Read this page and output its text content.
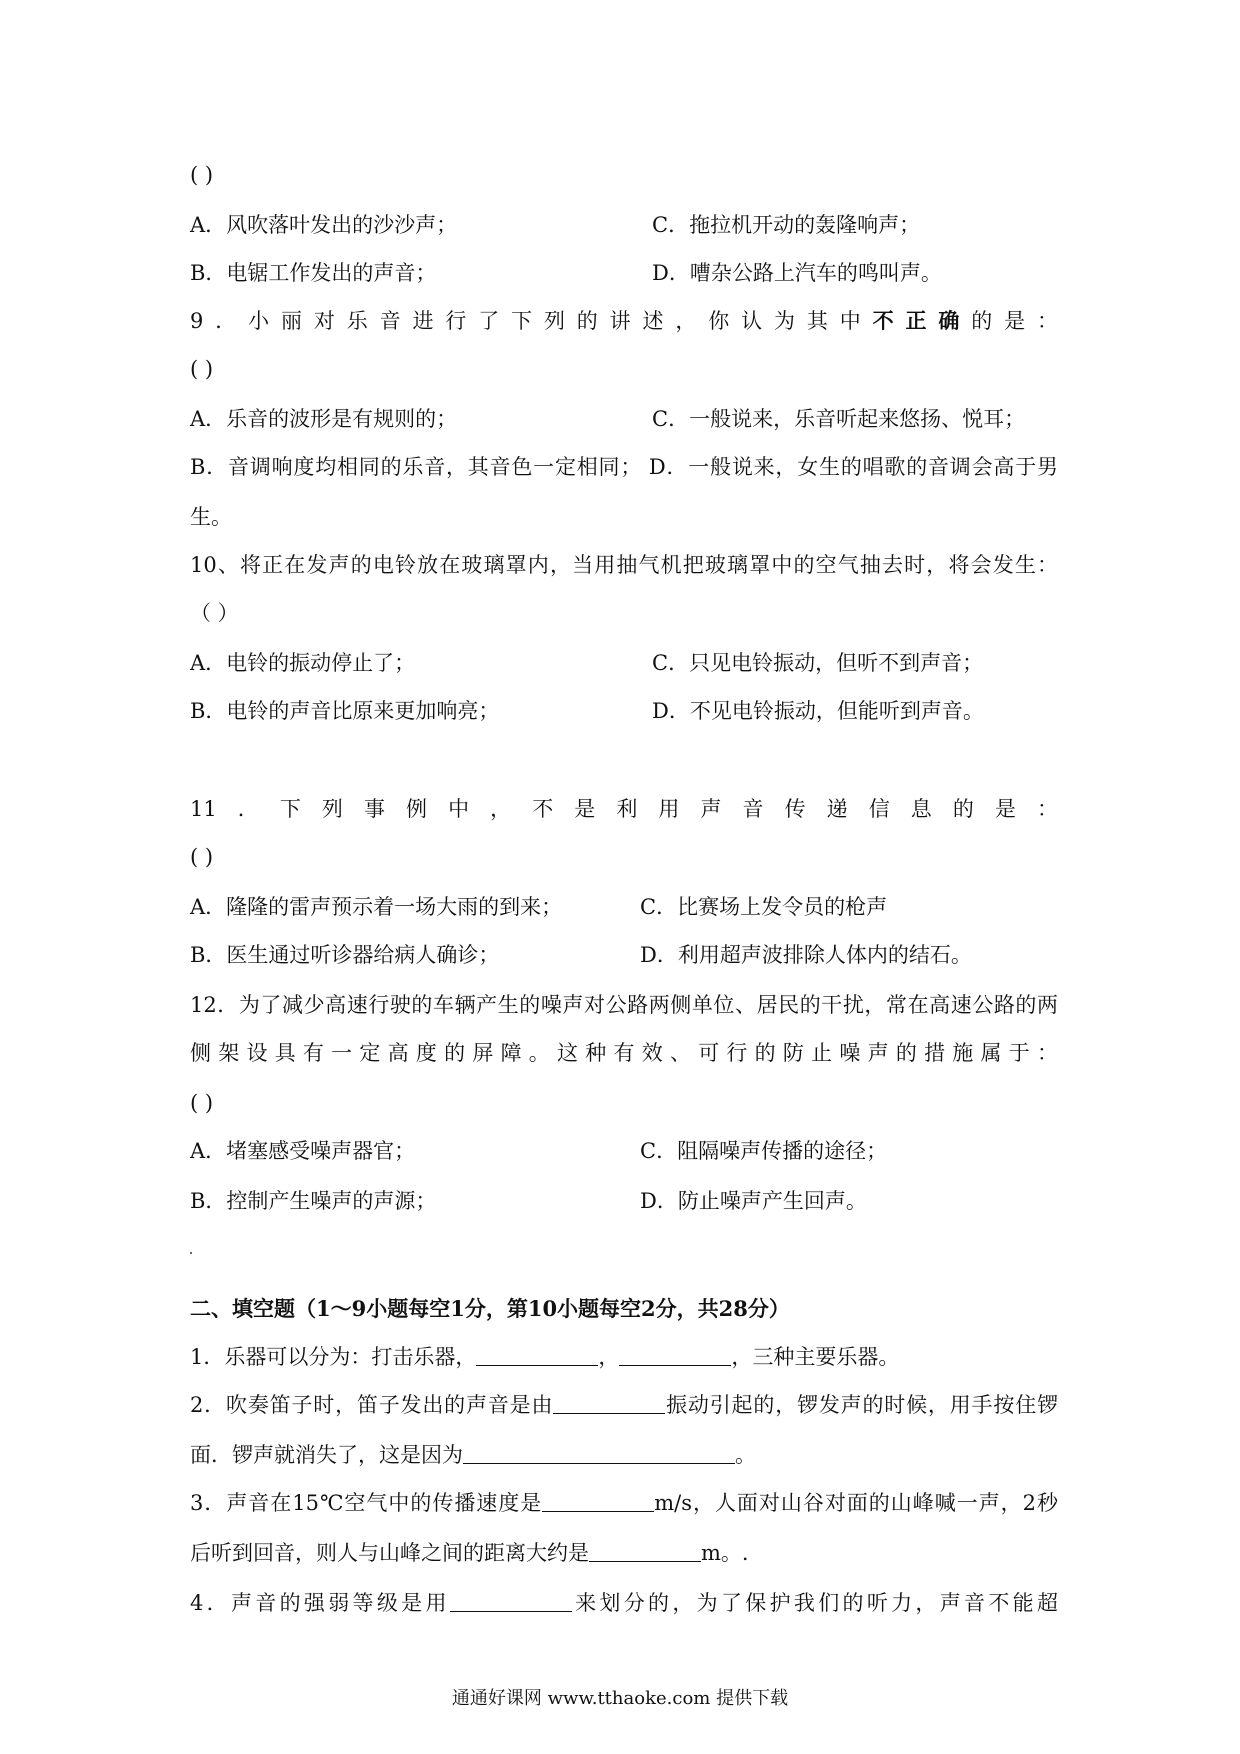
( )
A．风吹落叶发出的沙沙声；	C．拖拉机开动的轰隆响声；
B．电锯工作发出的声音；	D．嘈杂公路上汽车的鸣叫声。
9．小丽对乐音进行了下列的讲述，你认为其中不正确的是：
( )
A．乐音的波形是有规则的；	C．一般说来，乐音听起来悠扬、悦耳；
B．音调响度均相同的乐音，其音色一定相同； D．一般说来，女生的唱歌的音调会高于男
生。
10、将正在发声的电铃放在玻璃罩内，当用抽气机把玻璃罩中的空气抽去时，将会发生：
（ ）
A．电铃的振动停止了；	C．只见电铃振动，但听不到声音；
B．电铃的声音比原来更加响亮；	D．不见电铃振动，但能听到声音。
11．下列事例中，不是利用声音传递信息的是：
( )
A．隆隆的雷声预示着一场大雨的到来；	C．比赛场上发令员的枪声
B．医生通过听诊器给病人确诊；	D．利用超声波排除人体内的结石。
12．为了减少高速行驶的车辆产生的噪声对公路两侧单位、居民的干扰，常在高速公路的两
侧架设具有一定高度的屏障。这种有效、可行的防止噪声的措施属于：
( )
A．堵塞感受噪声器官；	C．阻隔噪声传播的途径；
B．控制产生噪声的声源；	D．防止噪声产生回声。
二、填空题（1～9小题每空1分，第10小题每空2分，共28分）
1．乐器可以分为：打击乐器，	，	，三种主要乐器。
2．吹奏笛子时，笛子发出的声音是由	振动引起的，锣发声的时候，用手按住锣
面．锣声就消失了，这是因为	。
3．声音在15℃空气中的传播速度是	m/s，人面对山谷对面的山峰喊一声，2秒
后听到回音，则人与山峰之间的距离大约是	m。.
4．声音的强弱等级是用	来划分的，为了保护我们的听力，声音不能超
通通好课网 www.tthaoke.com 提供下载
